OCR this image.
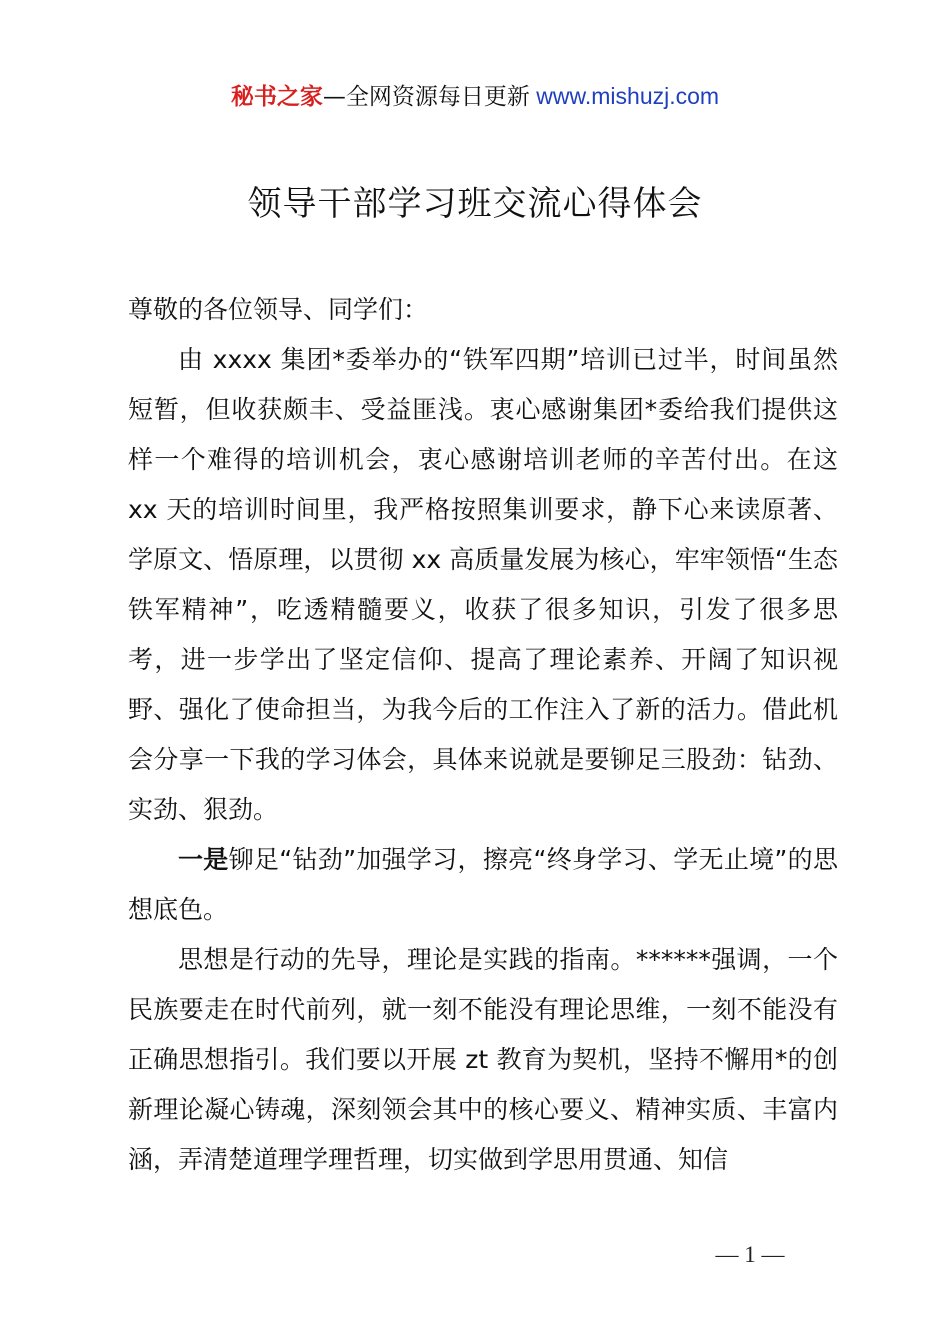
秘书之家—全网资源每日更新 www.mishuzj.com
领导干部学习班交流心得体会

尊敬的各位领导、同学们：

由 xxxx 集团*委举办的“铁军四期”培训已过半，时间虽然短暂，但收获颇丰、受益匪浅。衷心感谢集团*委给我们提供这样一个难得的培训机会，衷心感谢培训老师的辛苦付出。在这 xx 天的培训时间里，我严格按照集训要求，静下心来读原著、学原文、悟原理，以贯彻 xx 高质量发展为核心，牢牢领悟“生态铁军精神”，吃透精髓要义，收获了很多知识，引发了很多思考，进一步学出了坚定信仰、提高了理论素养、开阔了知识视野、强化了使命担当，为我今后的工作注入了新的活力。借此机会分享一下我的学习体会，具体来说就是要铆足三股劲：钻劲、实劲、狠劲。

一是铆足“钻劲”加强学习，擦亮“终身学习、学无止境”的思想底色。

思想是行动的先导，理论是实践的指南。******强调，一个民族要走在时代前列，就一刻不能没有理论思维，一刻不能没有正确思想指引。我们要以开展 zt 教育为契机，坚持不懈用*的创新理论凝心铸魂，深刻领会其中的核心要义、精神实质、丰富内涵，弄清楚道理学理哲理，切实做到学思用贯通、知信

— 1 —
